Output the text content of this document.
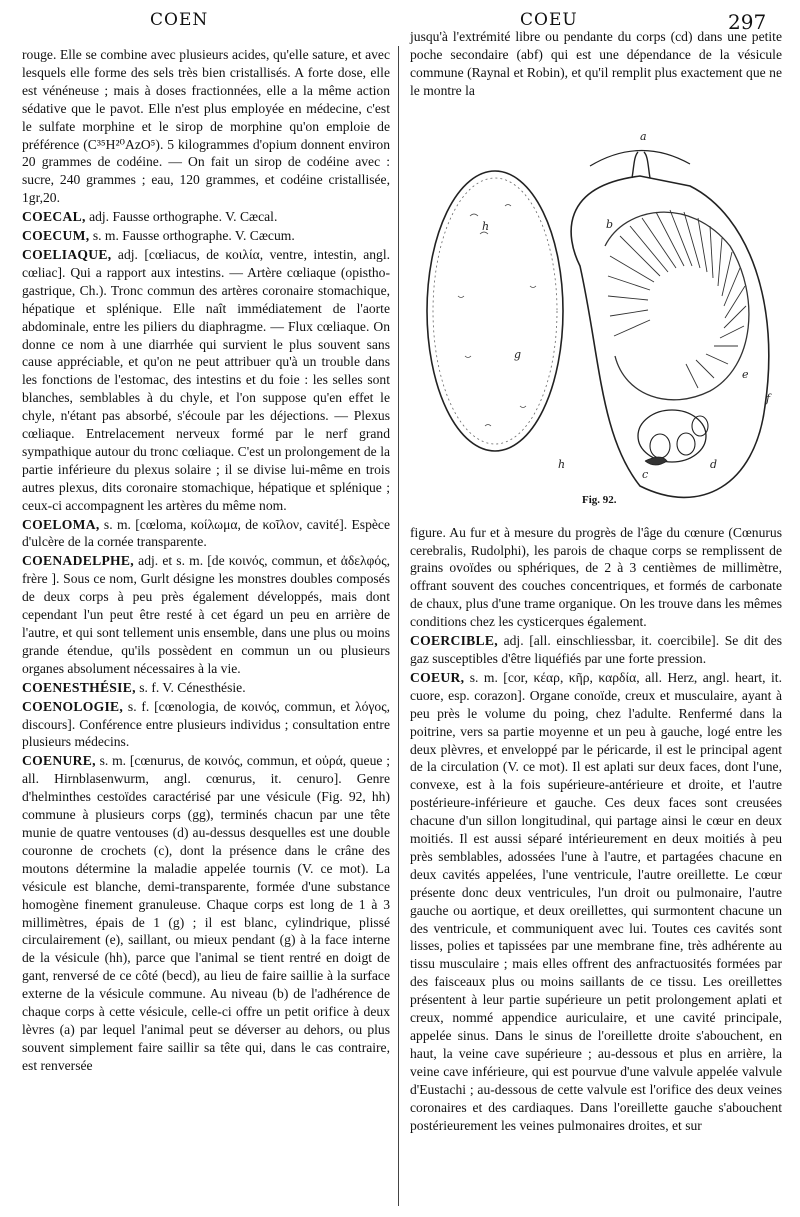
COEN	COEU	297

rouge. Elle se combine avec plusieurs acides, qu'elle sature, et avec lesquels elle forme des sels très bien cristallisés. A forte dose, elle est vénéneuse ; mais à doses fractionnées, elle a la même action sédative que le pavot. Elle n'est plus employée en médecine, c'est le sulfate morphine et le sirop de morphine qu'on emploie de préférence (C³⁵H²⁰AzO⁵). 5 kilogrammes d'opium donnent environ 20 grammes de codéine. — On fait un sirop de codéine avec : sucre, 240 grammes ; eau, 120 grammes, et codéine cristallisée, 1gr,20.

COECAL, adj. Fausse orthographe. V. Cæcal.

COECUM, s. m. Fausse orthographe. V. Cæcum.

COELIAQUE, adj. [cœliacus, de κοιλία, ventre, intestin, angl. cœliac]. Qui a rapport aux intestins. — Artère cœliaque (opistho-gastrique, Ch.). Tronc commun des artères coronaire stomachique, hépatique et splénique. Elle naît immédiatement de l'aorte abdominale, entre les piliers du diaphragme. — Flux cœliaque. On donne ce nom à une diarrhée qui survient le plus souvent sans cause appréciable, et qu'on ne peut attribuer qu'à un trouble dans les fonctions de l'estomac, des intestins et du foie : les selles sont blanches, semblables à du chyle, et l'on suppose qu'en effet le chyle, n'étant pas absorbé, s'écoule par les déjections. — Plexus cœliaque. Entrelacement nerveux formé par le nerf grand sympathique autour du tronc cœliaque. C'est un prolongement de la partie inférieure du plexus solaire ; il se divise lui-même en trois autres plexus, dits coronaire stomachique, hépatique et splénique ; ceux-ci accompagnent les artères du même nom.

COELOMA, s. m. [cœloma, κοίλωμα, de κοῖλον, cavité]. Espèce d'ulcère de la cornée transparente.

COENADELPHE, adj. et s. m. [de κοινός, commun, et ἀδελφός, frère ]. Sous ce nom, Gurlt désigne les monstres doubles composés de deux corps à peu près également développés, mais dont cependant l'un peut être resté à cet égard un peu en arrière de l'autre, et qui sont tellement unis ensemble, dans une plus ou moins grande étendue, qu'ils possèdent en commun un ou plusieurs organes absolument nécessaires à la vie.

COENESTHÉSIE, s. f. V. Cénesthésie.

COENOLOGIE, s. f. [cœnologia, de κοινός, commun, et λόγος, discours]. Conférence entre plusieurs individus ; consultation entre plusieurs médecins.

COENURE, s. m. [cœnurus, de κοινός, commun, et οὐρά, queue ; all. Hirnblasenwurm, angl. cœnurus, it. cenuro]. Genre d'helminthes cestoïdes caractérisé par une vésicule (Fig. 92, hh) commune à plusieurs corps (gg), terminés chacun par une tête munie de quatre ventouses (d) au-dessus desquelles est une double couronne de crochets (c), dont la présence dans le crâne des moutons détermine la maladie appelée tournis (V. ce mot). La vésicule est blanche, demi-transparente, formée d'une substance homogène finement granuleuse. Chaque corps est long de 1 à 3 millimètres, épais de 1 (g) ; il est blanc, cylindrique, plissé circulairement (e), saillant, ou mieux pendant (g) à la face interne de la vésicule (hh), parce que l'animal se tient rentré en doigt de gant, renversé de ce côté (becd), au lieu de faire saillie à la surface externe de la vésicule commune. Au niveau (b) de l'adhérence de chaque corps à cette vésicule, celle-ci offre un petit orifice à deux lèvres (a) par lequel l'animal peut se déverser au dehors, ou plus souvent simplement faire saillir sa tête qui, dans le cas contraire, est renversée

jusqu'à l'extrémité libre ou pendante du corps (cd) dans une petite poche secondaire (abf) qui est une dépendance de la vésicule commune (Raynal et Robin), et qu'il remplit plus exactement que ne le montre la

a
b
c
d
e
f
g
h
h
Fig. 92.

figure. Au fur et à mesure du progrès de l'âge du cœnure (Cœnurus cerebralis, Rudolphi), les parois de chaque corps se remplissent de grains ovoïdes ou sphériques, de 2 à 3 centièmes de millimètre, offrant souvent des couches concentriques, et formés de carbonate de chaux, plus d'une trame organique. On les trouve dans les mêmes conditions chez les cysticerques également.

COERCIBLE, adj. [all. einschliessbar, it. coercibile]. Se dit des gaz susceptibles d'être liquéfiés par une forte pression.

COEUR, s. m. [cor, κέαρ, κῆρ, καρδία, all. Herz, angl. heart, it. cuore, esp. corazon]. Organe conoïde, creux et musculaire, ayant à peu près le volume du poing, chez l'adulte. Renfermé dans la poitrine, vers sa partie moyenne et un peu à gauche, logé entre les deux plèvres, et enveloppé par le péricarde, il est le principal agent de la circulation (V. ce mot). Il est aplati sur deux faces, dont l'une, convexe, est à la fois supérieure-antérieure et droite, et l'autre postérieure-inférieure et gauche. Ces deux faces sont creusées chacune d'un sillon longitudinal, qui partage ainsi le cœur en deux moitiés. Il est aussi séparé intérieurement en deux moitiés à peu près semblables, adossées l'une à l'autre, et partagées chacune en deux cavités appelées, l'une ventricule, l'autre oreillette. Le cœur présente donc deux ventricules, l'un droit ou pulmonaire, l'autre gauche ou aortique, et deux oreillettes, qui surmontent chacune un des ventricule, et communiquent avec lui. Toutes ces cavités sont lisses, polies et tapissées par une membrane fine, très adhérente au tissu musculaire ; mais elles offrent des anfractuosités formées par des faisceaux plus ou moins saillants de ce tissu. Les oreillettes présentent à leur partie supérieure un petit prolongement aplati et creux, nommé appendice auriculaire, et une cavité principale, appelée sinus. Dans le sinus de l'oreillette droite s'abouchent, en haut, la veine cave supérieure ; au-dessous et plus en arrière, la veine cave inférieure, qui est pourvue d'une valvule appelée valvule d'Eustachi ; au-dessous de cette valvule est l'orifice des deux veines coronaires et des cardiaques. Dans l'oreillette gauche s'abouchent postérieurement les veines pulmonaires droites, et sur
